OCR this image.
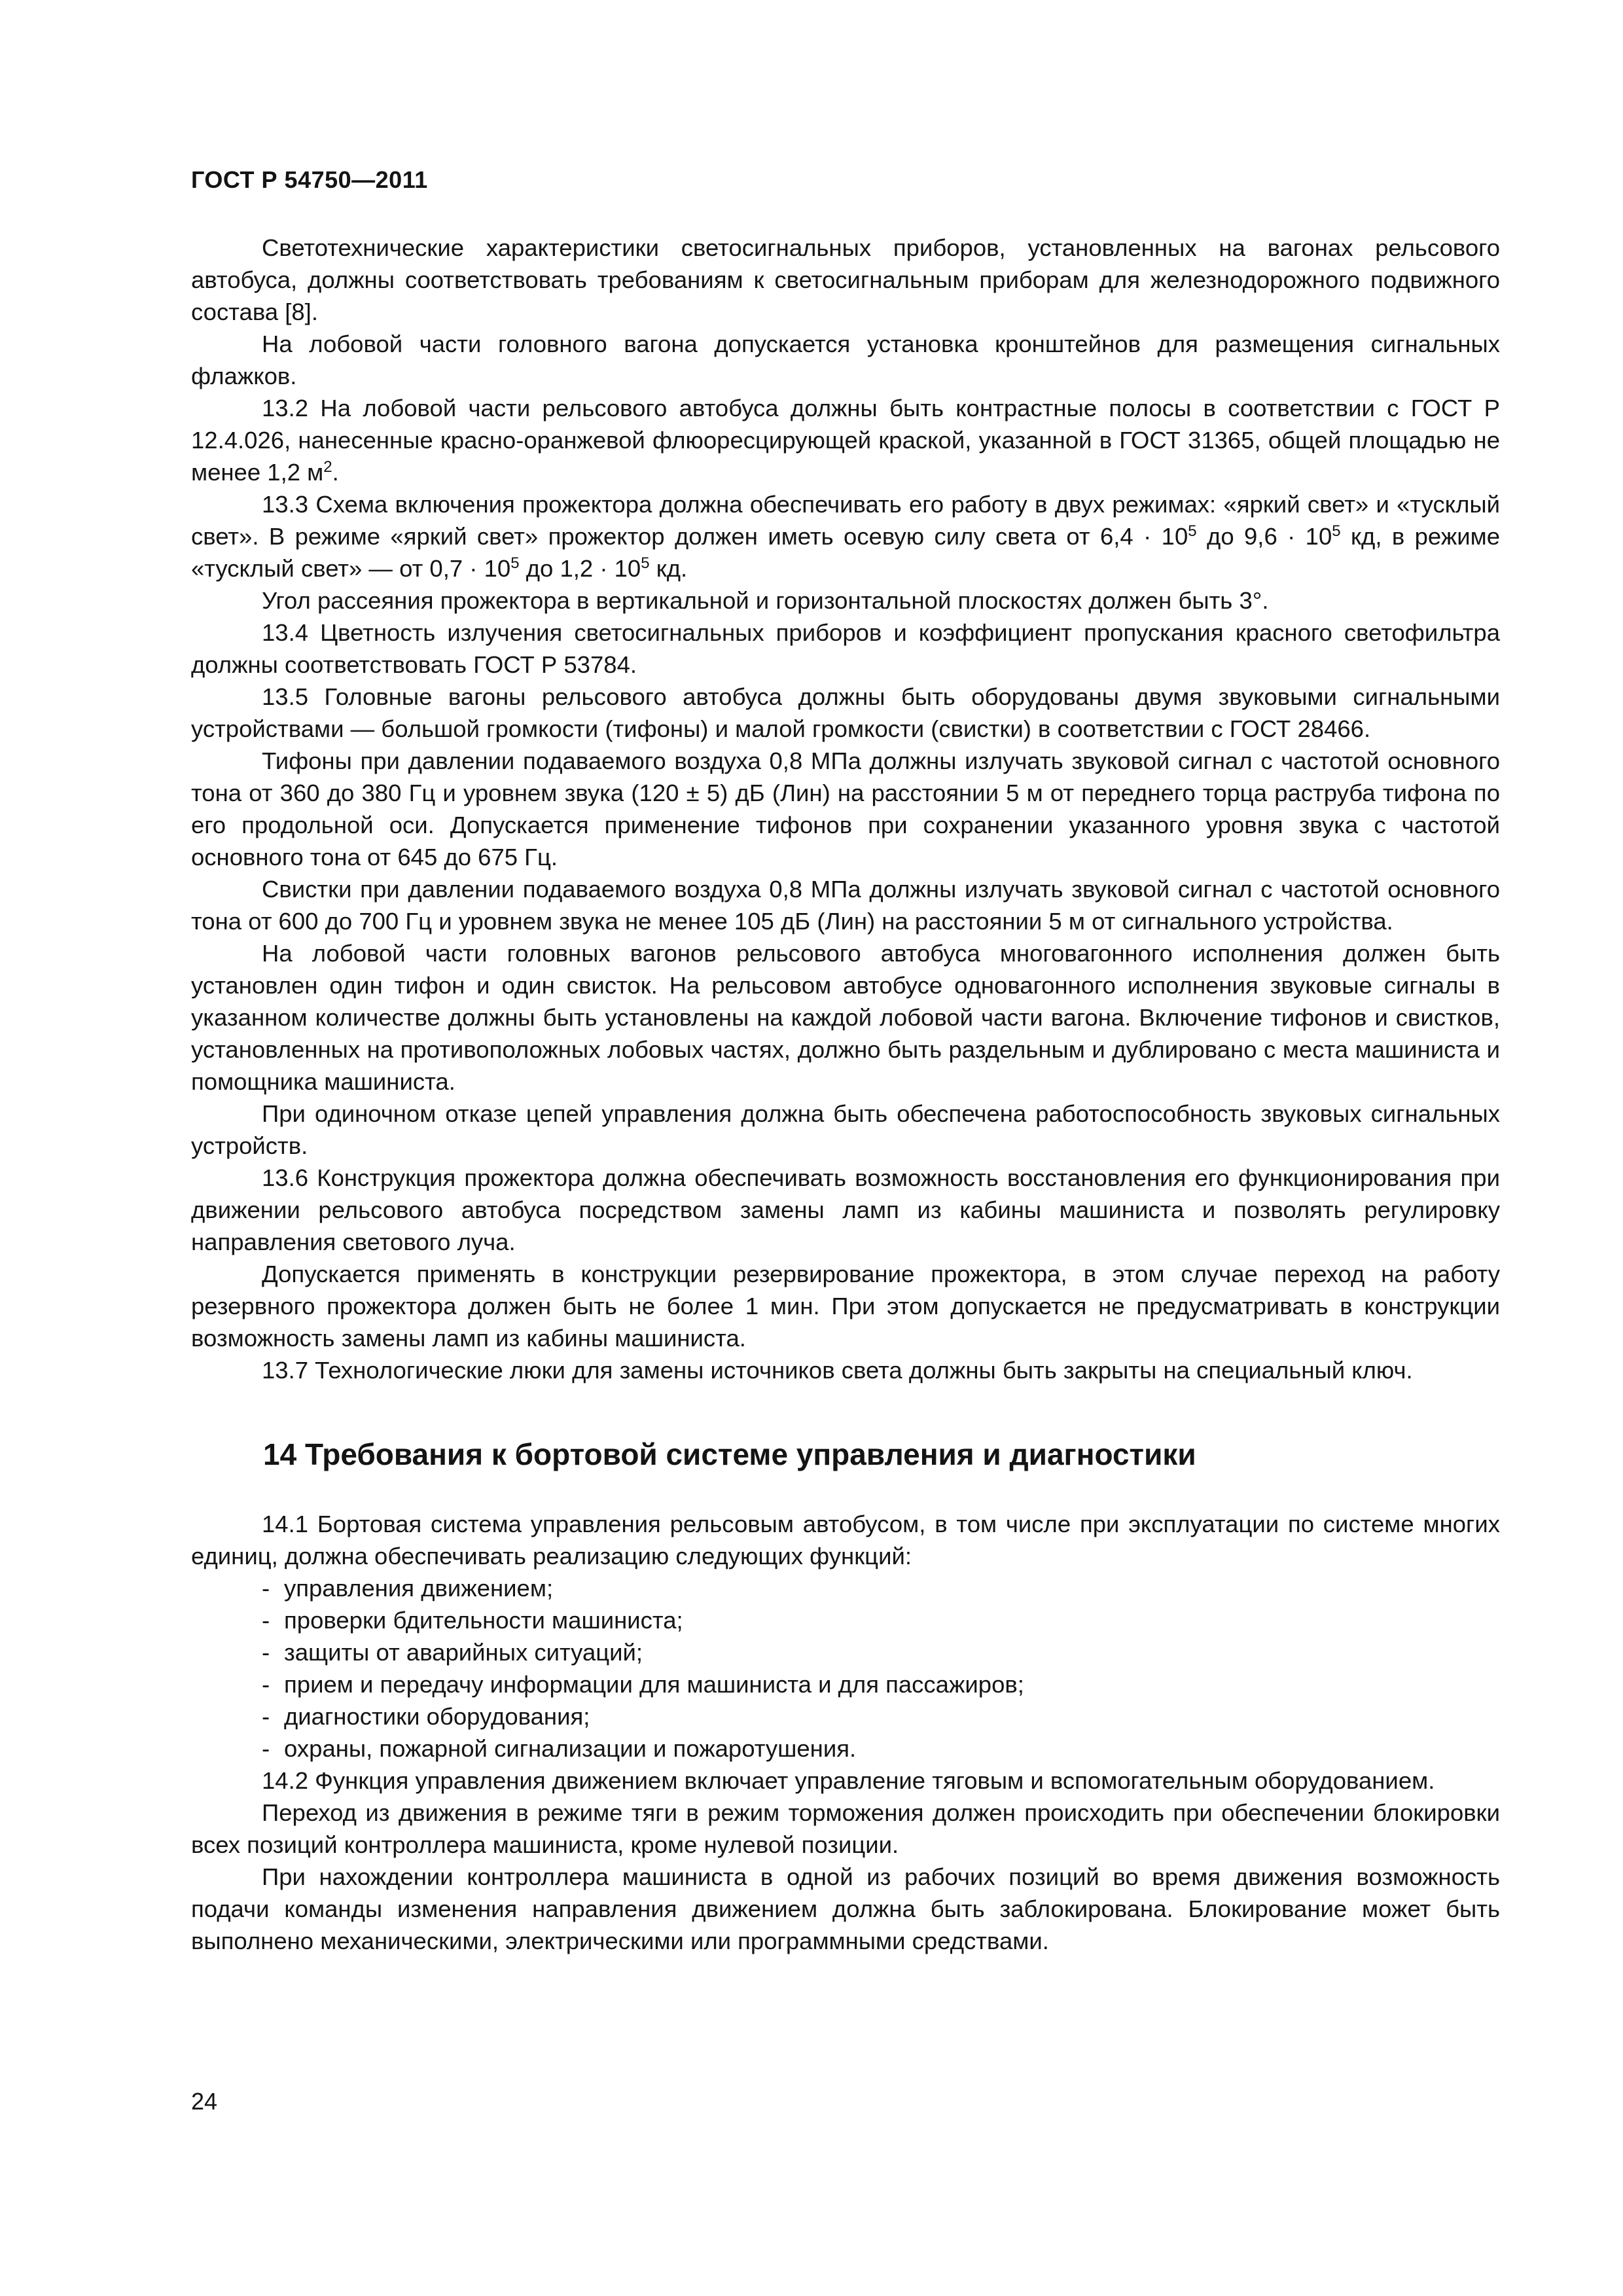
ГОСТ Р 54750—2011

Светотехнические характеристики светосигнальных приборов, установленных на вагонах рельсового автобуса, должны соответствовать требованиям к светосигнальным приборам для железнодорожного подвижного состава [8].

На лобовой части головного вагона допускается установка кронштейнов для размещения сигнальных флажков.

13.2 На лобовой части рельсового автобуса должны быть контрастные полосы в соответствии с ГОСТ Р 12.4.026, нанесенные красно-оранжевой флюоресцирующей краской, указанной в ГОСТ 31365, общей площадью не менее 1,2 $м^2$.

13.3 Схема включения прожектора должна обеспечивать его работу в двух режимах: «яркий свет» и «тусклый свет». В режиме «яркий свет» прожектор должен иметь осевую силу света от $6,4 \cdot 10^5$ до $9,6 \cdot 10^5$ кд, в режиме «тусклый свет» — от $0,7 \cdot 10^5$ до $1,2 \cdot 10^5$ кд.

Угол рассеяния прожектора в вертикальной и горизонтальной плоскостях должен быть 3°.

13.4 Цветность излучения светосигнальных приборов и коэффициент пропускания красного светофильтра должны соответствовать ГОСТ Р 53784.

13.5 Головные вагоны рельсового автобуса должны быть оборудованы двумя звуковыми сигнальными устройствами — большой громкости (тифоны) и малой громкости (свистки) в соответствии с ГОСТ 28466.

Тифоны при давлении подаваемого воздуха 0,8 МПа должны излучать звуковой сигнал с частотой основного тона от 360 до 380 Гц и уровнем звука (120 ± 5) дБ (Лин) на расстоянии 5 м от переднего торца раструба тифона по его продольной оси. Допускается применение тифонов при сохранении указанного уровня звука с частотой основного тона от 645 до 675 Гц.

Свистки при давлении подаваемого воздуха 0,8 МПа должны излучать звуковой сигнал с частотой основного тона от 600 до 700 Гц и уровнем звука не менее 105 дБ (Лин) на расстоянии 5 м от сигнального устройства.

На лобовой части головных вагонов рельсового автобуса многовагонного исполнения должен быть установлен один тифон и один свисток. На рельсовом автобусе одновагонного исполнения звуковые сигналы в указанном количестве должны быть установлены на каждой лобовой части вагона. Включение тифонов и свистков, установленных на противоположных лобовых частях, должно быть раздельным и дублировано с места машиниста и помощника машиниста.

При одиночном отказе цепей управления должна быть обеспечена работоспособность звуковых сигнальных устройств.

13.6 Конструкция прожектора должна обеспечивать возможность восстановления его функционирования при движении рельсового автобуса посредством замены ламп из кабины машиниста и позволять регулировку направления светового луча.

Допускается применять в конструкции резервирование прожектора, в этом случае переход на работу резервного прожектора должен быть не более 1 мин. При этом допускается не предусматривать в конструкции возможность замены ламп из кабины машиниста.

13.7 Технологические люки для замены источников света должны быть закрыты на специальный ключ.

14 Требования к бортовой системе управления и диагностики

14.1 Бортовая система управления рельсовым автобусом, в том числе при эксплуатации по системе многих единиц, должна обеспечивать реализацию следующих функций:

- управления движением;
- проверки бдительности машиниста;
- защиты от аварийных ситуаций;
- прием и передачу информации для машиниста и для пассажиров;
- диагностики оборудования;
- охраны, пожарной сигнализации и пожаротушения.

14.2 Функция управления движением включает управление тяговым и вспомогательным оборудованием.

Переход из движения в режиме тяги в режим торможения должен происходить при обеспечении блокировки всех позиций контроллера машиниста, кроме нулевой позиции.

При нахождении контроллера машиниста в одной из рабочих позиций во время движения возможность подачи команды изменения направления движением должна быть заблокирована. Блокирование может быть выполнено механическими, электрическими или программными средствами.

24
